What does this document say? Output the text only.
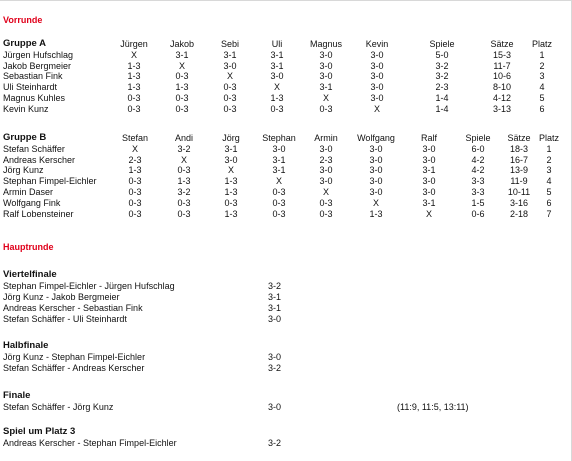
Vorrunde
Gruppe A	Jürgen	Jakob	Sebi	Uli	Magnus	Kevin	Spiele	Sätze	Platz
Jürgen Hufschlag	X	3-1	3-1	3-1	3-0	3-0	5-0	15-3	1
Jakob Bergmeier	1-3	X	3-0	3-1	3-0	3-0	3-2	11-7	2
Sebastian Fink	1-3	0-3	X	3-0	3-0	3-0	3-2	10-6	3
Uli Steinhardt	1-3	1-3	0-3	X	3-1	3-0	2-3	8-10	4
Magnus Kuhles	0-3	0-3	0-3	1-3	X	3-0	1-4	4-12	5
Kevin Kunz	0-3	0-3	0-3	0-3	0-3	X	1-4	3-13	6
Gruppe B	Stefan	Andi	Jörg	Stephan	Armin	Wolfgang	Ralf	Spiele	Sätze	Platz
Stefan Schäffer	X	3-2	3-1	3-0	3-0	3-0	3-0	6-0	18-3	1
Andreas Kerscher	2-3	X	3-0	3-1	2-3	3-0	3-0	4-2	16-7	2
Jörg Kunz	1-3	0-3	X	3-1	3-0	3-0	3-1	4-2	13-9	3
Stephan Fimpel-Eichler	0-3	1-3	1-3	X	3-0	3-0	3-0	3-3	11-9	4
Armin Daser	0-3	3-2	1-3	0-3	X	3-0	3-0	3-3	10-11	5
Wolfgang Fink	0-3	0-3	0-3	0-3	0-3	X	3-1	1-5	3-16	6
Ralf Lobensteiner	0-3	0-3	1-3	0-3	0-3	1-3	X	0-6	2-18	7
Hauptrunde
Viertelfinale
Stephan Fimpel-Eichler - Jürgen Hufschlag	3-2
Jörg Kunz - Jakob Bergmeier	3-1
Andreas Kerscher - Sebastian Fink	3-1
Stefan Schäffer - Uli Steinhardt	3-0
Halbfinale
Jörg Kunz - Stephan Fimpel-Eichler	3-0
Stefan Schäffer - Andreas Kerscher	3-2
Finale
Stefan Schäffer - Jörg Kunz	3-0	(11:9, 11:5, 13:11)
Spiel um Platz 3
Andreas Kerscher - Stephan Fimpel-Eichler	3-2
